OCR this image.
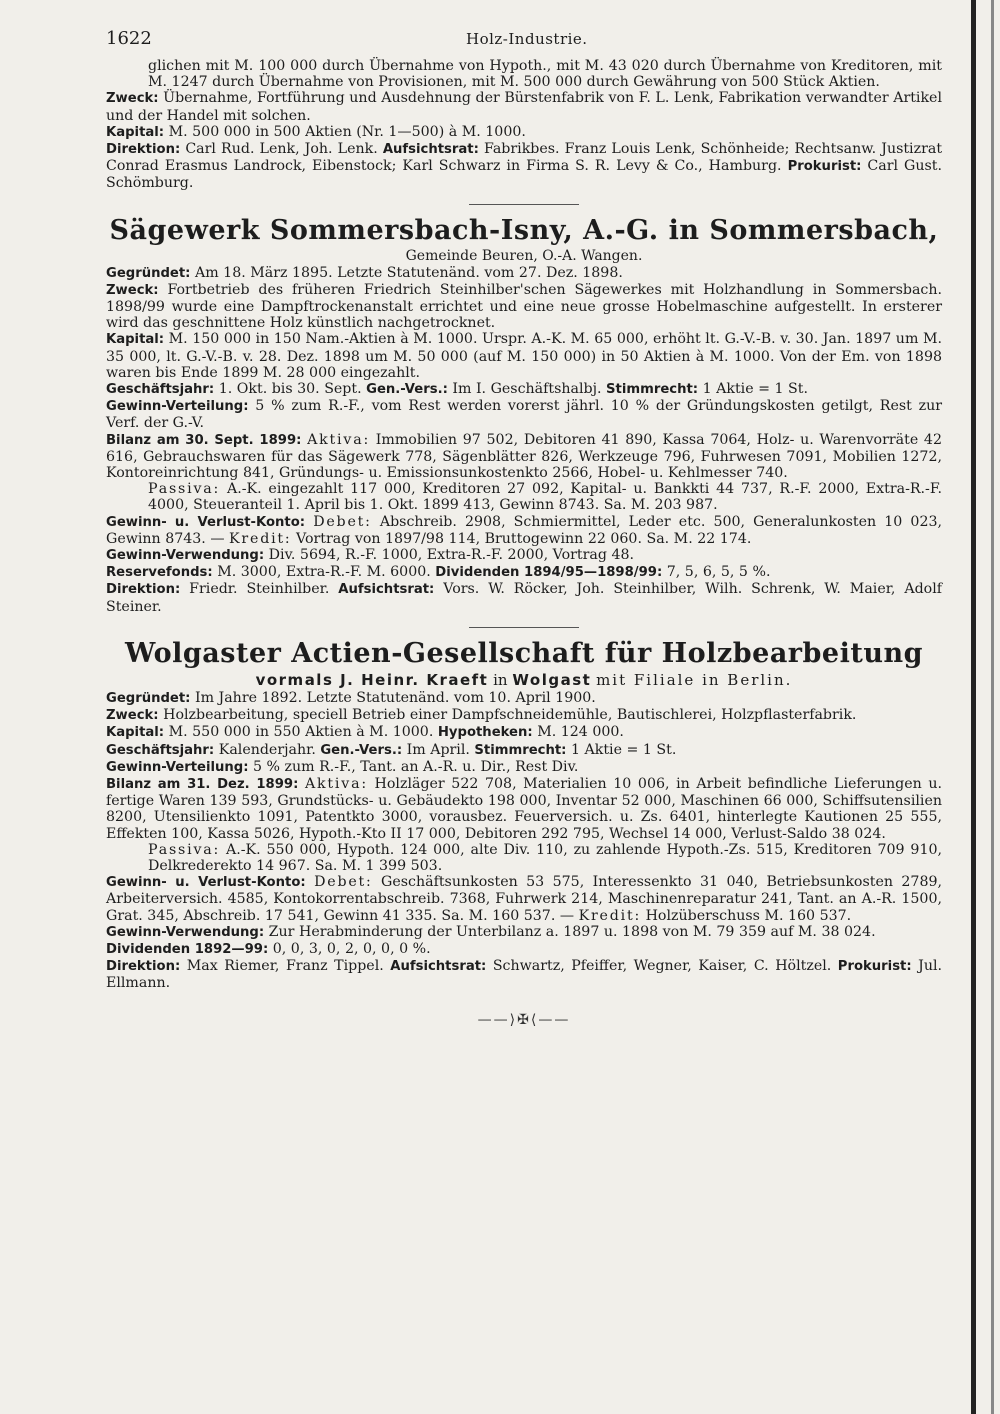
1622	Holz-Industrie.

glichen mit M. 100 000 durch Übernahme von Hypoth., mit M. 43 020 durch Übernahme von Kreditoren, mit M. 1247 durch Übernahme von Provisionen, mit M. 500 000 durch Gewährung von 500 Stück Aktien.

Zweck: Übernahme, Fortführung und Ausdehnung der Bürstenfabrik von F. L. Lenk, Fabrikation verwandter Artikel und der Handel mit solchen.

Kapital: M. 500 000 in 500 Aktien (Nr. 1—500) à M. 1000.

Direktion: Carl Rud. Lenk, Joh. Lenk. Aufsichtsrat: Fabrikbes. Franz Louis Lenk, Schönheide; Rechtsanw. Justizrat Conrad Erasmus Landrock, Eibenstock; Karl Schwarz in Firma S. R. Levy & Co., Hamburg. Prokurist: Carl Gust. Schömburg.

Sägewerk Sommersbach-Isny, A.-G. in Sommersbach,
Gemeinde Beuren, O.-A. Wangen.

Gegründet: Am 18. März 1895. Letzte Statutenänd. vom 27. Dez. 1898.

Zweck: Fortbetrieb des früheren Friedrich Steinhilber'schen Sägewerkes mit Holzhandlung in Sommersbach. 1898/99 wurde eine Dampftrockenanstalt errichtet und eine neue grosse Hobelmaschine aufgestellt. In ersterer wird das geschnittene Holz künstlich nachgetrocknet.

Kapital: M. 150 000 in 150 Nam.-Aktien à M. 1000. Urspr. A.-K. M. 65 000, erhöht lt. G.-V.-B. v. 30. Jan. 1897 um M. 35 000, lt. G.-V.-B. v. 28. Dez. 1898 um M. 50 000 (auf M. 150 000) in 50 Aktien à M. 1000. Von der Em. von 1898 waren bis Ende 1899 M. 28 000 eingezahlt.

Geschäftsjahr: 1. Okt. bis 30. Sept. Gen.-Vers.: Im I. Geschäftshalbj. Stimmrecht: 1 Aktie = 1 St.

Gewinn-Verteilung: 5 % zum R.-F., vom Rest werden vorerst jährl. 10 % der Gründungskosten getilgt, Rest zur Verf. der G.-V.

Bilanz am 30. Sept. 1899: Aktiva: Immobilien 97 502, Debitoren 41 890, Kassa 7064, Holz- u. Warenvorräte 42 616, Gebrauchswaren für das Sägewerk 778, Sägenblätter 826, Werkzeuge 796, Fuhrwesen 7091, Mobilien 1272, Kontoreinrichtung 841, Gründungs- u. Emissionsunkostenkto 2566, Hobel- u. Kehlmesser 740.

Passiva: A.-K. eingezahlt 117 000, Kreditoren 27 092, Kapital- u. Bankkti 44 737, R.-F. 2000, Extra-R.-F. 4000, Steueranteil 1. April bis 1. Okt. 1899 413, Gewinn 8743. Sa. M. 203 987.

Gewinn- u. Verlust-Konto: Debet: Abschreib. 2908, Schmiermittel, Leder etc. 500, Generalunkosten 10 023, Gewinn 8743. — Kredit: Vortrag von 1897/98 114, Bruttogewinn 22 060. Sa. M. 22 174.

Gewinn-Verwendung: Div. 5694, R.-F. 1000, Extra-R.-F. 2000, Vortrag 48.

Reservefonds: M. 3000, Extra-R.-F. M. 6000. Dividenden 1894/95—1898/99: 7, 5, 6, 5, 5 %.

Direktion: Friedr. Steinhilber. Aufsichtsrat: Vors. W. Röcker, Joh. Steinhilber, Wilh. Schrenk, W. Maier, Adolf Steiner.

Wolgaster Actien-Gesellschaft für Holzbearbeitung
vormals J. Heinr. Kraeft in Wolgast mit Filiale in Berlin.

Gegründet: Im Jahre 1892. Letzte Statutenänd. vom 10. April 1900.

Zweck: Holzbearbeitung, speciell Betrieb einer Dampfschneidemühle, Bautischlerei, Holzpflasterfabrik.

Kapital: M. 550 000 in 550 Aktien à M. 1000. Hypotheken: M. 124 000.

Geschäftsjahr: Kalenderjahr. Gen.-Vers.: Im April. Stimmrecht: 1 Aktie = 1 St.

Gewinn-Verteilung: 5 % zum R.-F., Tant. an A.-R. u. Dir., Rest Div.

Bilanz am 31. Dez. 1899: Aktiva: Holzläger 522 708, Materialien 10 006, in Arbeit befindliche Lieferungen u. fertige Waren 139 593, Grundstücks- u. Gebäudekto 198 000, Inventar 52 000, Maschinen 66 000, Schiffsutensilien 8200, Utensilienkto 1091, Patentkto 3000, vorausbez. Feuerversich. u. Zs. 6401, hinterlegte Kautionen 25 555, Effekten 100, Kassa 5026, Hypoth.-Kto II 17 000, Debitoren 292 795, Wechsel 14 000, Verlust-Saldo 38 024.

Passiva: A.-K. 550 000, Hypoth. 124 000, alte Div. 110, zu zahlende Hypoth.-Zs. 515, Kreditoren 709 910, Delkrederekto 14 967. Sa. M. 1 399 503.

Gewinn- u. Verlust-Konto: Debet: Geschäftsunkosten 53 575, Interessenkto 31 040, Betriebsunkosten 2789, Arbeiterversich. 4585, Kontokorrentabschreib. 7368, Fuhrwerk 214, Maschinenreparatur 241, Tant. an A.-R. 1500, Grat. 345, Abschreib. 17 541, Gewinn 41 335. Sa. M. 160 537. — Kredit: Holzüberschuss M. 160 537.

Gewinn-Verwendung: Zur Herabminderung der Unterbilanz a. 1897 u. 1898 von M. 79 359 auf M. 38 024.

Dividenden 1892—99: 0, 0, 3, 0, 2, 0, 0, 0 %.

Direktion: Max Riemer, Franz Tippel. Aufsichtsrat: Schwartz, Pfeiffer, Wegner, Kaiser, C. Höltzel. Prokurist: Jul. Ellmann.

——⟩✠⟨——
